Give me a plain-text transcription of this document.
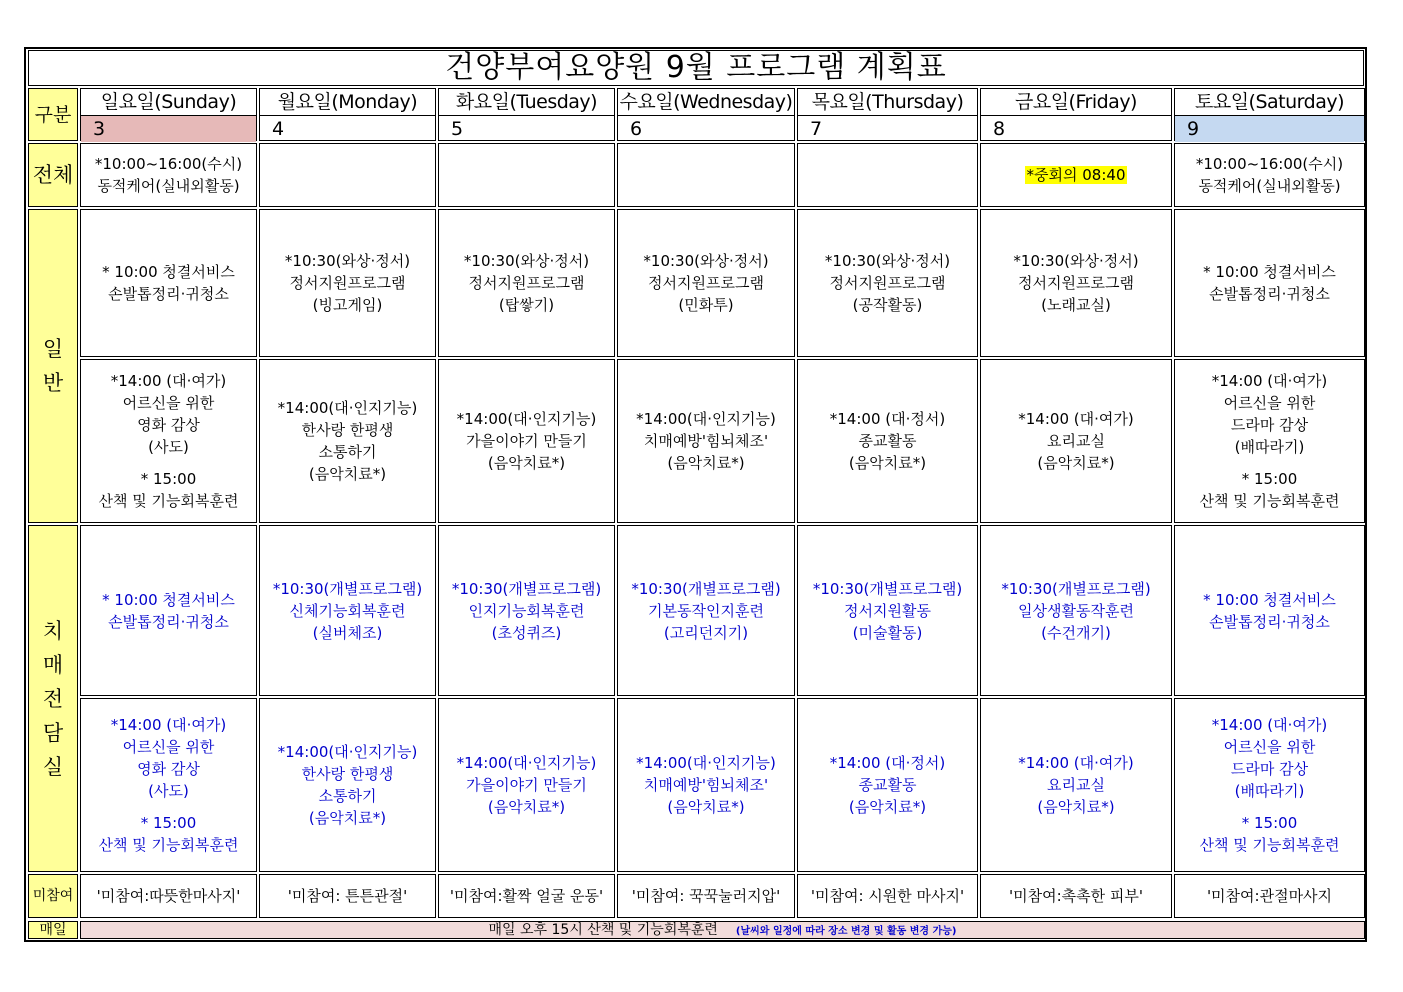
건양부여요양원 9월 프로그램 계획표
구분
전체
일
반
치
매
전
담
실
미참여
매일
일요일(Sunday)
3
*10:00~16:00(수시)
동적케어(실내외활동)
* 10:00 청결서비스
손발톱정리·귀청소
*14:00 (대·여가)
어르신을 위한
영화 감상
(사도)
* 15:00
산책 및 기능회복훈련
* 10:00 청결서비스
손발톱정리·귀청소
*14:00 (대·여가)
어르신을 위한
영화 감상
(사도)
* 15:00
산책 및 기능회복훈련
'미참여:따뜻한마사지'
월요일(Monday)
4
*10:30(와상·정서)
정서지원프로그램
(빙고게임)
*14:00(대·인지기능)
한사랑 한평생
소통하기
(음악치료*)
*10:30(개별프로그램)
신체기능회복훈련
(실버체조)
*14:00(대·인지기능)
한사랑 한평생
소통하기
(음악치료*)
'미참여: 튼튼관절'
화요일(Tuesday)
5
*10:30(와상·정서)
정서지원프로그램
(탑쌓기)
*14:00(대·인지기능)
가을이야기 만들기
(음악치료*)
*10:30(개별프로그램)
인지기능회복훈련
(초성퀴즈)
*14:00(대·인지기능)
가을이야기 만들기
(음악치료*)
'미참여:활짝 얼굴 운동'
수요일(Wednesday)
6
*10:30(와상·정서)
정서지원프로그램
(민화투)
*14:00(대·인지기능)
치매예방'힘뇌체조'
(음악치료*)
*10:30(개별프로그램)
기본동작인지훈련
(고리던지기)
*14:00(대·인지기능)
치매예방'힘뇌체조'
(음악치료*)
'미참여: 꾹꾹눌러지압'
목요일(Thursday)
7
*10:30(와상·정서)
정서지원프로그램
(공작활동)
*14:00 (대·정서)
종교활동
(음악치료*)
*10:30(개별프로그램)
정서지원활동
(미술활동)
*14:00 (대·정서)
종교활동
(음악치료*)
'미참여: 시원한 마사지'
금요일(Friday)
8
*중회의 08:40
*10:30(와상·정서)
정서지원프로그램
(노래교실)
*14:00 (대·여가)
요리교실
(음악치료*)
*10:30(개별프로그램)
일상생활동작훈련
(수건개기)
*14:00 (대·여가)
요리교실
(음악치료*)
'미참여:촉촉한 피부'
토요일(Saturday)
9
*10:00~16:00(수시)
동적케어(실내외활동)
* 10:00 청결서비스
손발톱정리·귀청소
*14:00 (대·여가)
어르신을 위한
드라마 감상
(배따라기)
* 15:00
산책 및 기능회복훈련
* 10:00 청결서비스
손발톱정리·귀청소
*14:00 (대·여가)
어르신을 위한
드라마 감상
(배따라기)
* 15:00
산책 및 기능회복훈련
'미참여:관절마사지
매일 오후 15시 산책 및 기능회복훈련 (날씨와 일정에 따라 장소 변경 및 활동 변경 가능)
